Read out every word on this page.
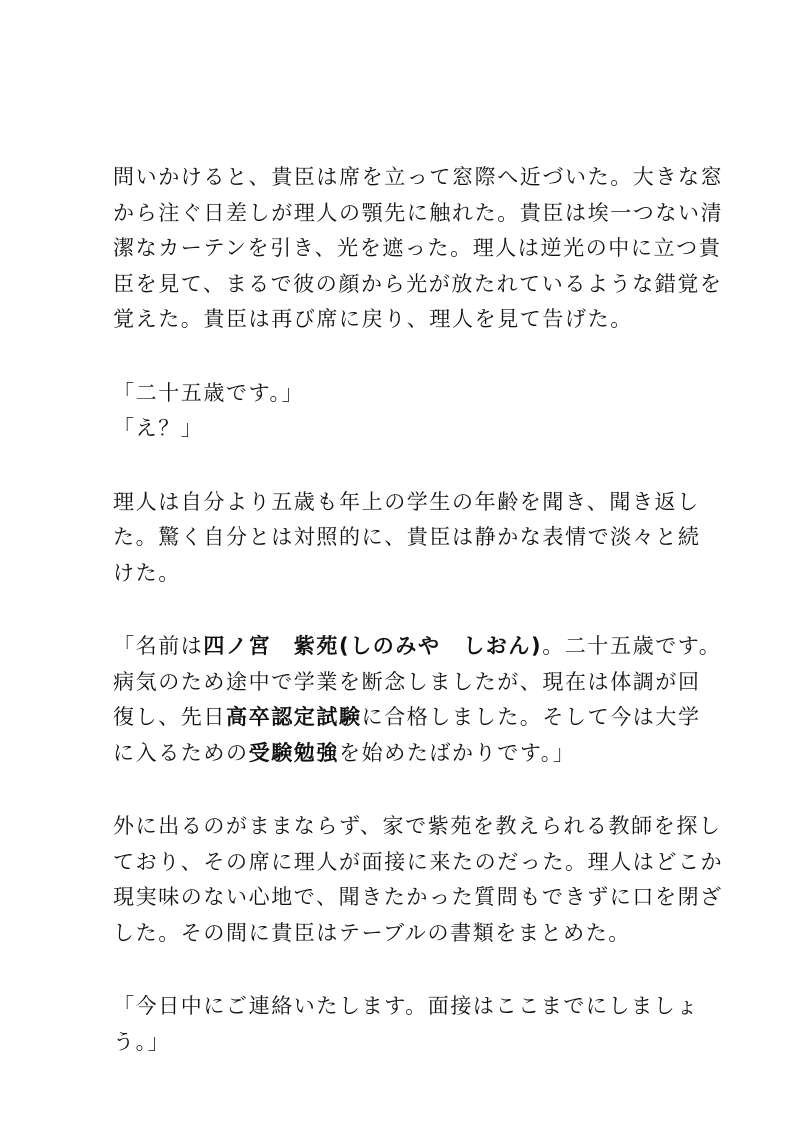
問いかけると、貴臣は席を立って窓際へ近づいた。大きな窓
から注ぐ日差しが理人の顎先に触れた。貴臣は埃一つない清
潔なカーテンを引き、光を遮った。理人は逆光の中に立つ貴
臣を見て、まるで彼の顔から光が放たれているような錯覚を
覚えた。貴臣は再び席に戻り、理人を見て告げた。
「二十五歳です。」
「え？」
理人は自分より五歳も年上の学生の年齢を聞き、聞き返し
た。驚く自分とは対照的に、貴臣は静かな表情で淡々と続
けた。
「名前は四ノ宮　紫苑(しのみや　しおん)。二十五歳です。
病気のため途中で学業を断念しましたが、現在は体調が回
復し、先日高卒認定試験に合格しました。そして今は大学
に入るための受験勉強を始めたばかりです。」
外に出るのがままならず、家で紫苑を教えられる教師を探し
ており、その席に理人が面接に来たのだった。理人はどこか
現実味のない心地で、聞きたかった質問もできずに口を閉ざ
した。その間に貴臣はテーブルの書類をまとめた。
「今日中にご連絡いたします。面接はここまでにしましょ
う。」
